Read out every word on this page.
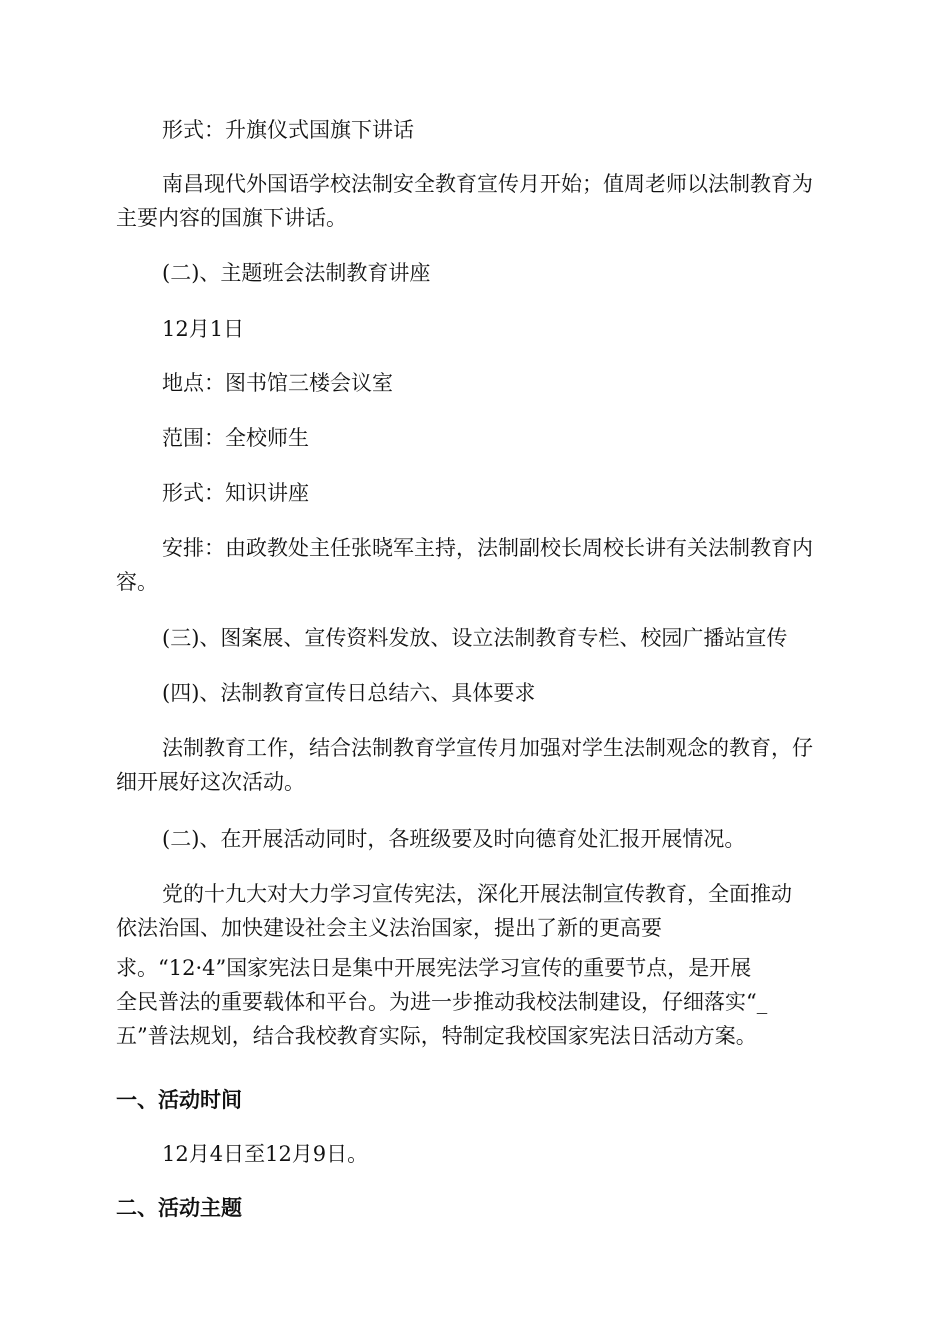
形式：升旗仪式国旗下讲话

南昌现代外国语学校法制安全教育宣传月开始；值周老师以法制教育为主要内容的国旗下讲话。

(二)、主题班会法制教育讲座

12月1日

地点：图书馆三楼会议室

范围：全校师生

形式：知识讲座

安排：由政教处主任张晓军主持，法制副校长周校长讲有关法制教育内容。

(三)、图案展、宣传资料发放、设立法制教育专栏、校园广播站宣传

(四)、法制教育宣传日总结六、具体要求

法制教育工作，结合法制教育学宣传月加强对学生法制观念的教育，仔细开展好这次活动。

(二)、在开展活动同时，各班级要及时向德育处汇报开展情况。

党的十九大对大力学习宣传宪法，深化开展法制宣传教育，全面推动

依法治国、加快建设社会主义法治国家，提出了新的更高要

求。“12·4”国家宪法日是集中开展宪法学习宣传的重要节点，是开展

全民普法的重要载体和平台。为进一步推动我校法制建设，仔细落实“_

五”普法规划，结合我校教育实际，特制定我校国家宪法日活动方案。

一、活动时间

12月4日至12月9日。

二、活动主题
